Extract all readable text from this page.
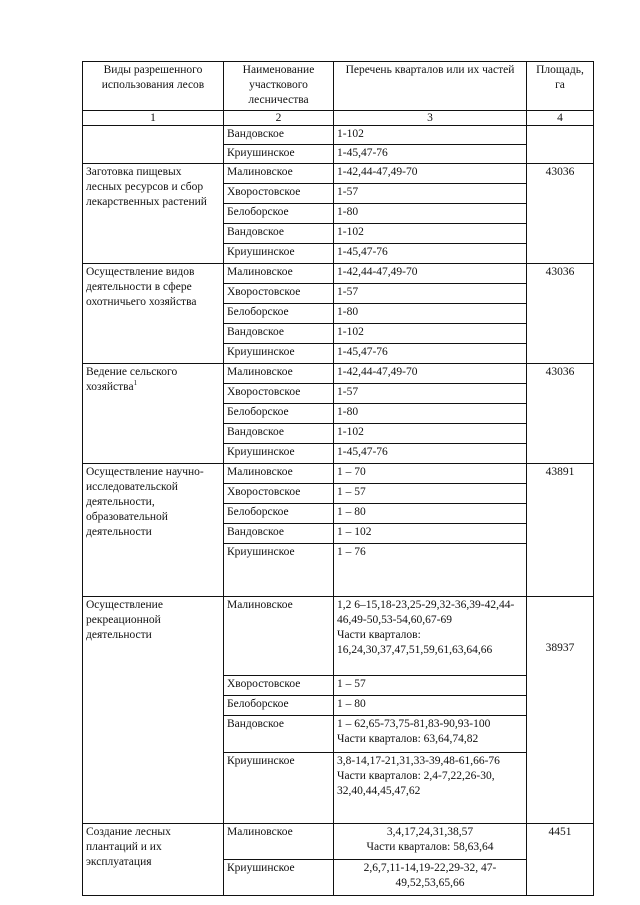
Виды разрешенного использования лесов	Наименование участкового лесничества	Перечень кварталов или их частей	Площадь, га
1	2	3	4
	Вандовское	1-102	

	Криушинское	1-45,47-76	

Заготовка пищевых лесных ресурсов и сбор лекарственных растений	Малиновское	1-42,44-47,49-70	43036
	Хворостовское	1-57	

	Белоборское	1-80	

	Вандовское	1-102	

	Криушинское	1-45,47-76	

Осуществление видов деятельности в сфере охотничьего хозяйства	Малиновское	1-42,44-47,49-70	43036
	Хворостовское	1-57	

	Белоборское	1-80	

	Вандовское	1-102	

	Криушинское	1-45,47-76	

Ведение сельского хозяйства$^1$	Малиновское	1-42,44-47,49-70	43036
	Хворостовское	1-57	

	Белоборское	1-80	

	Вандовское	1-102	

	Криушинское	1-45,47-76	

Осуществление научно-исследовательской деятельности, образовательной деятельности	Малиновское	1 – 70	43891
	Хворостовское	1 – 57	

	Белоборское	1 – 80	

	Вандовское	1 – 102	

	Криушинское	1 – 76	

Осуществление рекреационной деятельности	Малиновское	1,2 6–15,18-23,25-29,32-36,39-42,44-46,49-50,53-54,60,67-69
Части кварталов: 16,24,30,37,47,51,59,61,63,64,66	38937
	Хворостовское	1 – 57	

	Белоборское	1 – 80	

	Вандовское	1 – 62,65-73,75-81,83-90,93-100
Части кварталов: 63,64,74,82	

	Криушинское	3,8-14,17-21,31,33-39,48-61,66-76
Части кварталов: 2,4-7,22,26-30, 32,40,44,45,47,62	

Создание лесных плантаций и их эксплуатация	Малиновское	3,4,17,24,31,38,57
Части кварталов: 58,63,64	4451
	Криушинское	2,6,7,11-14,19-22,29-32, 47-49,52,53,65,66	
